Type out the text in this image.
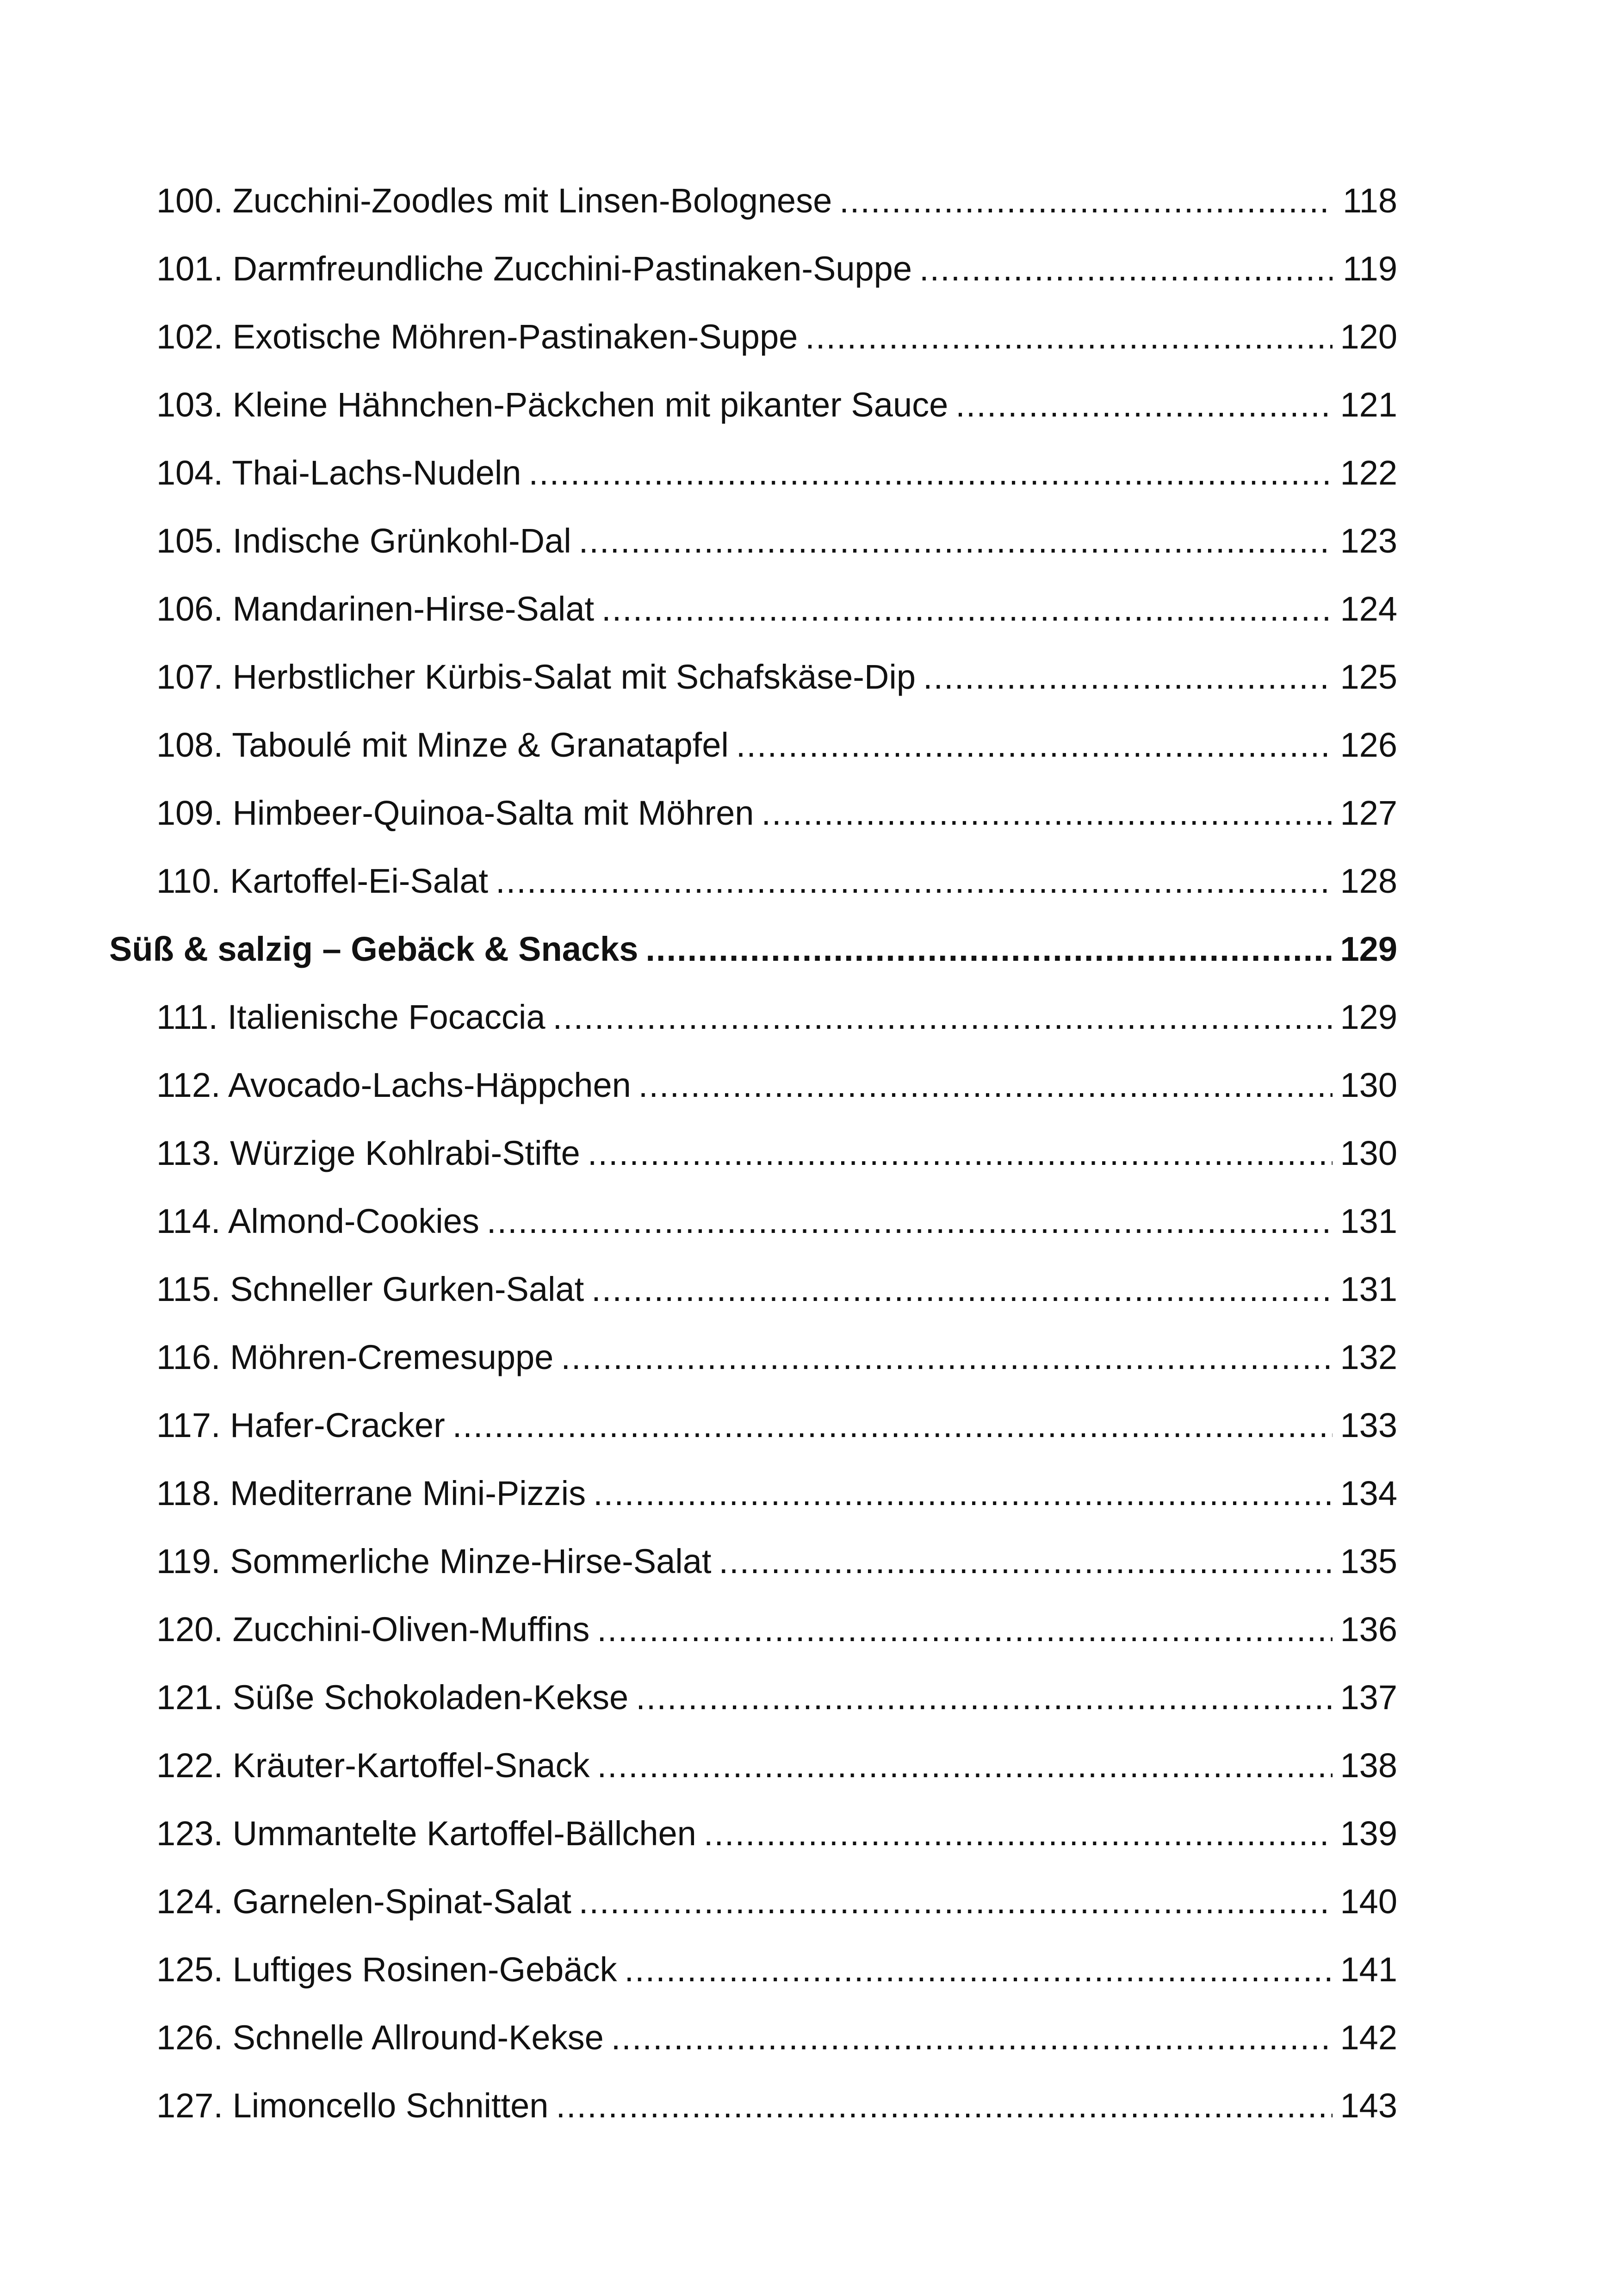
100. Zucchini-Zoodles mit Linsen-Bolognese .....	118
101. Darmfreundliche Zucchini-Pastinaken-Suppe .....	119
102. Exotische Möhren-Pastinaken-Suppe .....	120
103. Kleine Hähnchen-Päckchen mit pikanter Sauce .....	121
104. Thai-Lachs-Nudeln .....	122
105. Indische Grünkohl-Dal .....	123
106. Mandarinen-Hirse-Salat .....	124
107. Herbstlicher Kürbis-Salat mit Schafskäse-Dip .....	125
108. Taboulé mit Minze & Granatapfel .....	126
109. Himbeer-Quinoa-Salta mit Möhren .....	127
110. Kartoffel-Ei-Salat .....	128
Süß & salzig – Gebäck & Snacks .....	129
111. Italienische Focaccia .....	129
112. Avocado-Lachs-Häppchen .....	130
113. Würzige Kohlrabi-Stifte .....	130
114. Almond-Cookies .....	131
115. Schneller Gurken-Salat .....	131
116. Möhren-Cremesuppe .....	132
117. Hafer-Cracker .....	133
118. Mediterrane Mini-Pizzis .....	134
119. Sommerliche Minze-Hirse-Salat .....	135
120. Zucchini-Oliven-Muffins .....	136
121. Süße Schokoladen-Kekse .....	137
122. Kräuter-Kartoffel-Snack .....	138
123. Ummantelte Kartoffel-Bällchen .....	139
124. Garnelen-Spinat-Salat .....	140
125. Luftiges Rosinen-Gebäck .....	141
126. Schnelle Allround-Kekse .....	142
127. Limoncello Schnitten .....	143
